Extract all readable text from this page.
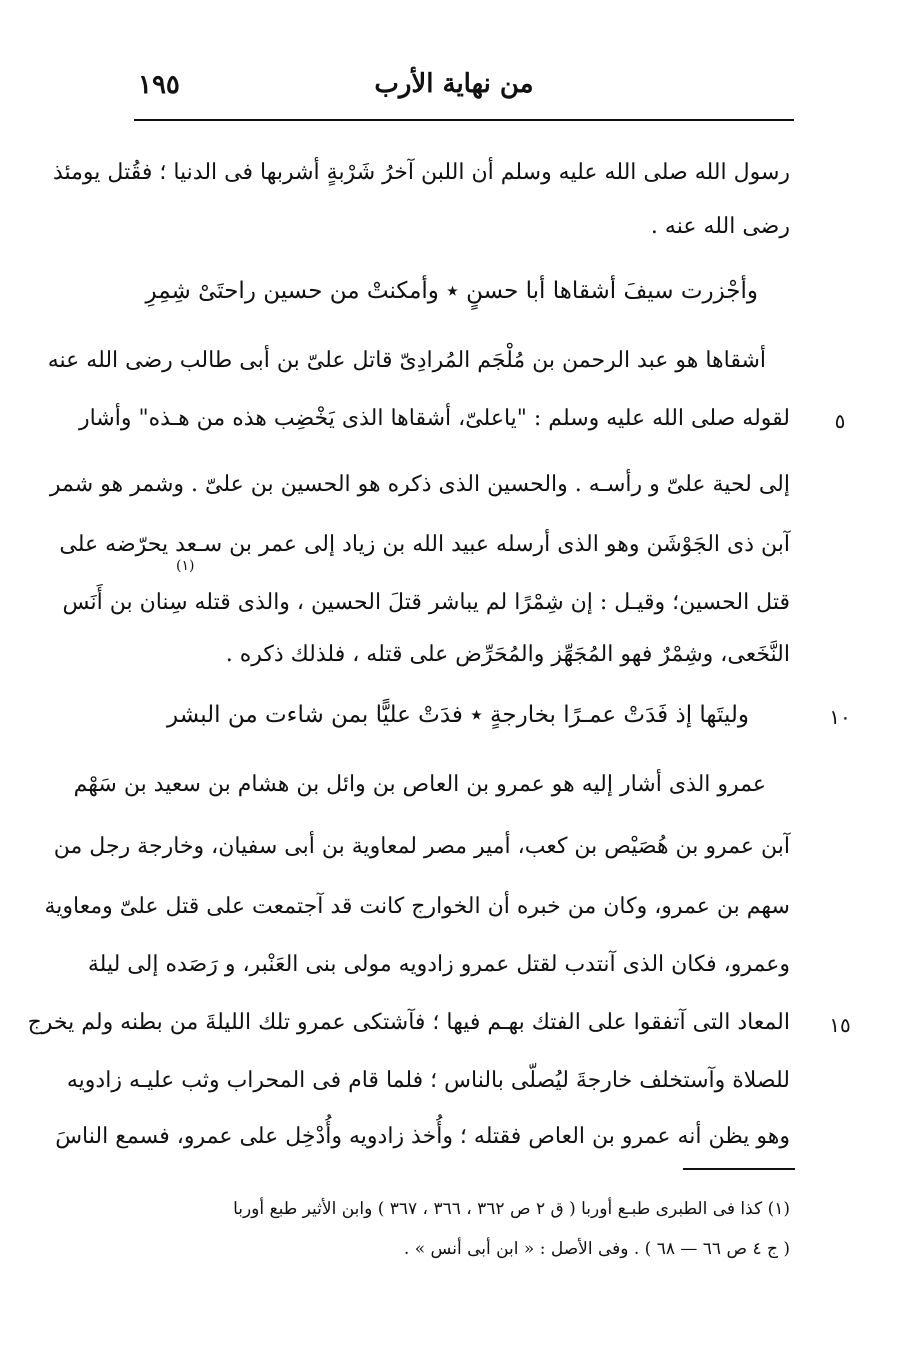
١٩٥	من نهاية الأرب
رسول الله صلى الله عليه وسلم أن اللبن آخرُ شَرْبةٍ أشربها فى الدنيا ؛ فقُتل يومئذ
رضى الله عنه .
وأجْزرت سيفَ أشقاها أبا حسنٍ ٭ وأمكنتْ من حسين راحتَىْ شِمِرِ
أشقاها هو عبد الرحمن بن مُلْجَم المُرادِىّ قاتل علىّ بن أبى طالب رضى الله عنه
لقوله صلى الله عليه وسلم : "ياعلىّ، أشقاها الذى يَخْضِب هذه من هـذه" وأشار
إلى لحية علىّ و رأسـه . والحسين الذى ذكره هو الحسين بن علىّ . وشمر هو شمر
آبن ذى الجَوْشَن وهو الذى أرسله عبيد الله بن زياد إلى عمر بن سـعد يحرّضه على
(١)
قتل الحسين؛ وقيـل : إن شِمْرًا لم يباشر قتلَ الحسين ، والذى قتله سِنان بن أَنَس
النَّخَعى، وشِمْرٌ فهو المُجَهِّز والمُحَرِّض على قتله ، فلذلك ذكره .
وليتَها إذ فَدَتْ عمـرًا بخارجةٍ ٭ فدَتْ عليًّا بمن شاءت من البشر
عمرو الذى أشار إليه هو عمرو بن العاص بن وائل بن هشام بن سعيد بن سَهْم
آبن عمرو بن هُصَيْص بن كعب، أمير مصر لمعاوية بن أبى سفيان، وخارجة رجل من
سهم بن عمرو، وكان من خبره أن الخوارج كانت قد آجتمعت على قتل علىّ ومعاوية
وعمرو، فكان الذى آنتدب لقتل عمرو زادويه مولى بنى العَنْبر، و رَصَده إلى ليلة
المعاد التى آتفقوا على الفتك بهـم فيها ؛ فآشتكى عمرو تلك الليلةَ من بطنه ولم يخرج
للصلاة وآستخلف خارجةَ ليُصلّى بالناس ؛ فلما قام فى المحراب وثب عليـه زادويه
وهو يظن أنه عمرو بن العاص فقتله ؛ وأُخذ زادويه وأُدْخِل على عمرو، فسمع الناسَ
٥
١٠
١٥
(١) كذا فى الطبرى طبـع أوربا ( ق ٢ ص ٣٦٢ ، ٣٦٦ ، ٣٦٧ ) وابن الأثير طبع أوربا
( ج ٤ ص ٦٦ — ٦٨ ) . وفى الأصل : « ابن أبى أنس » .
